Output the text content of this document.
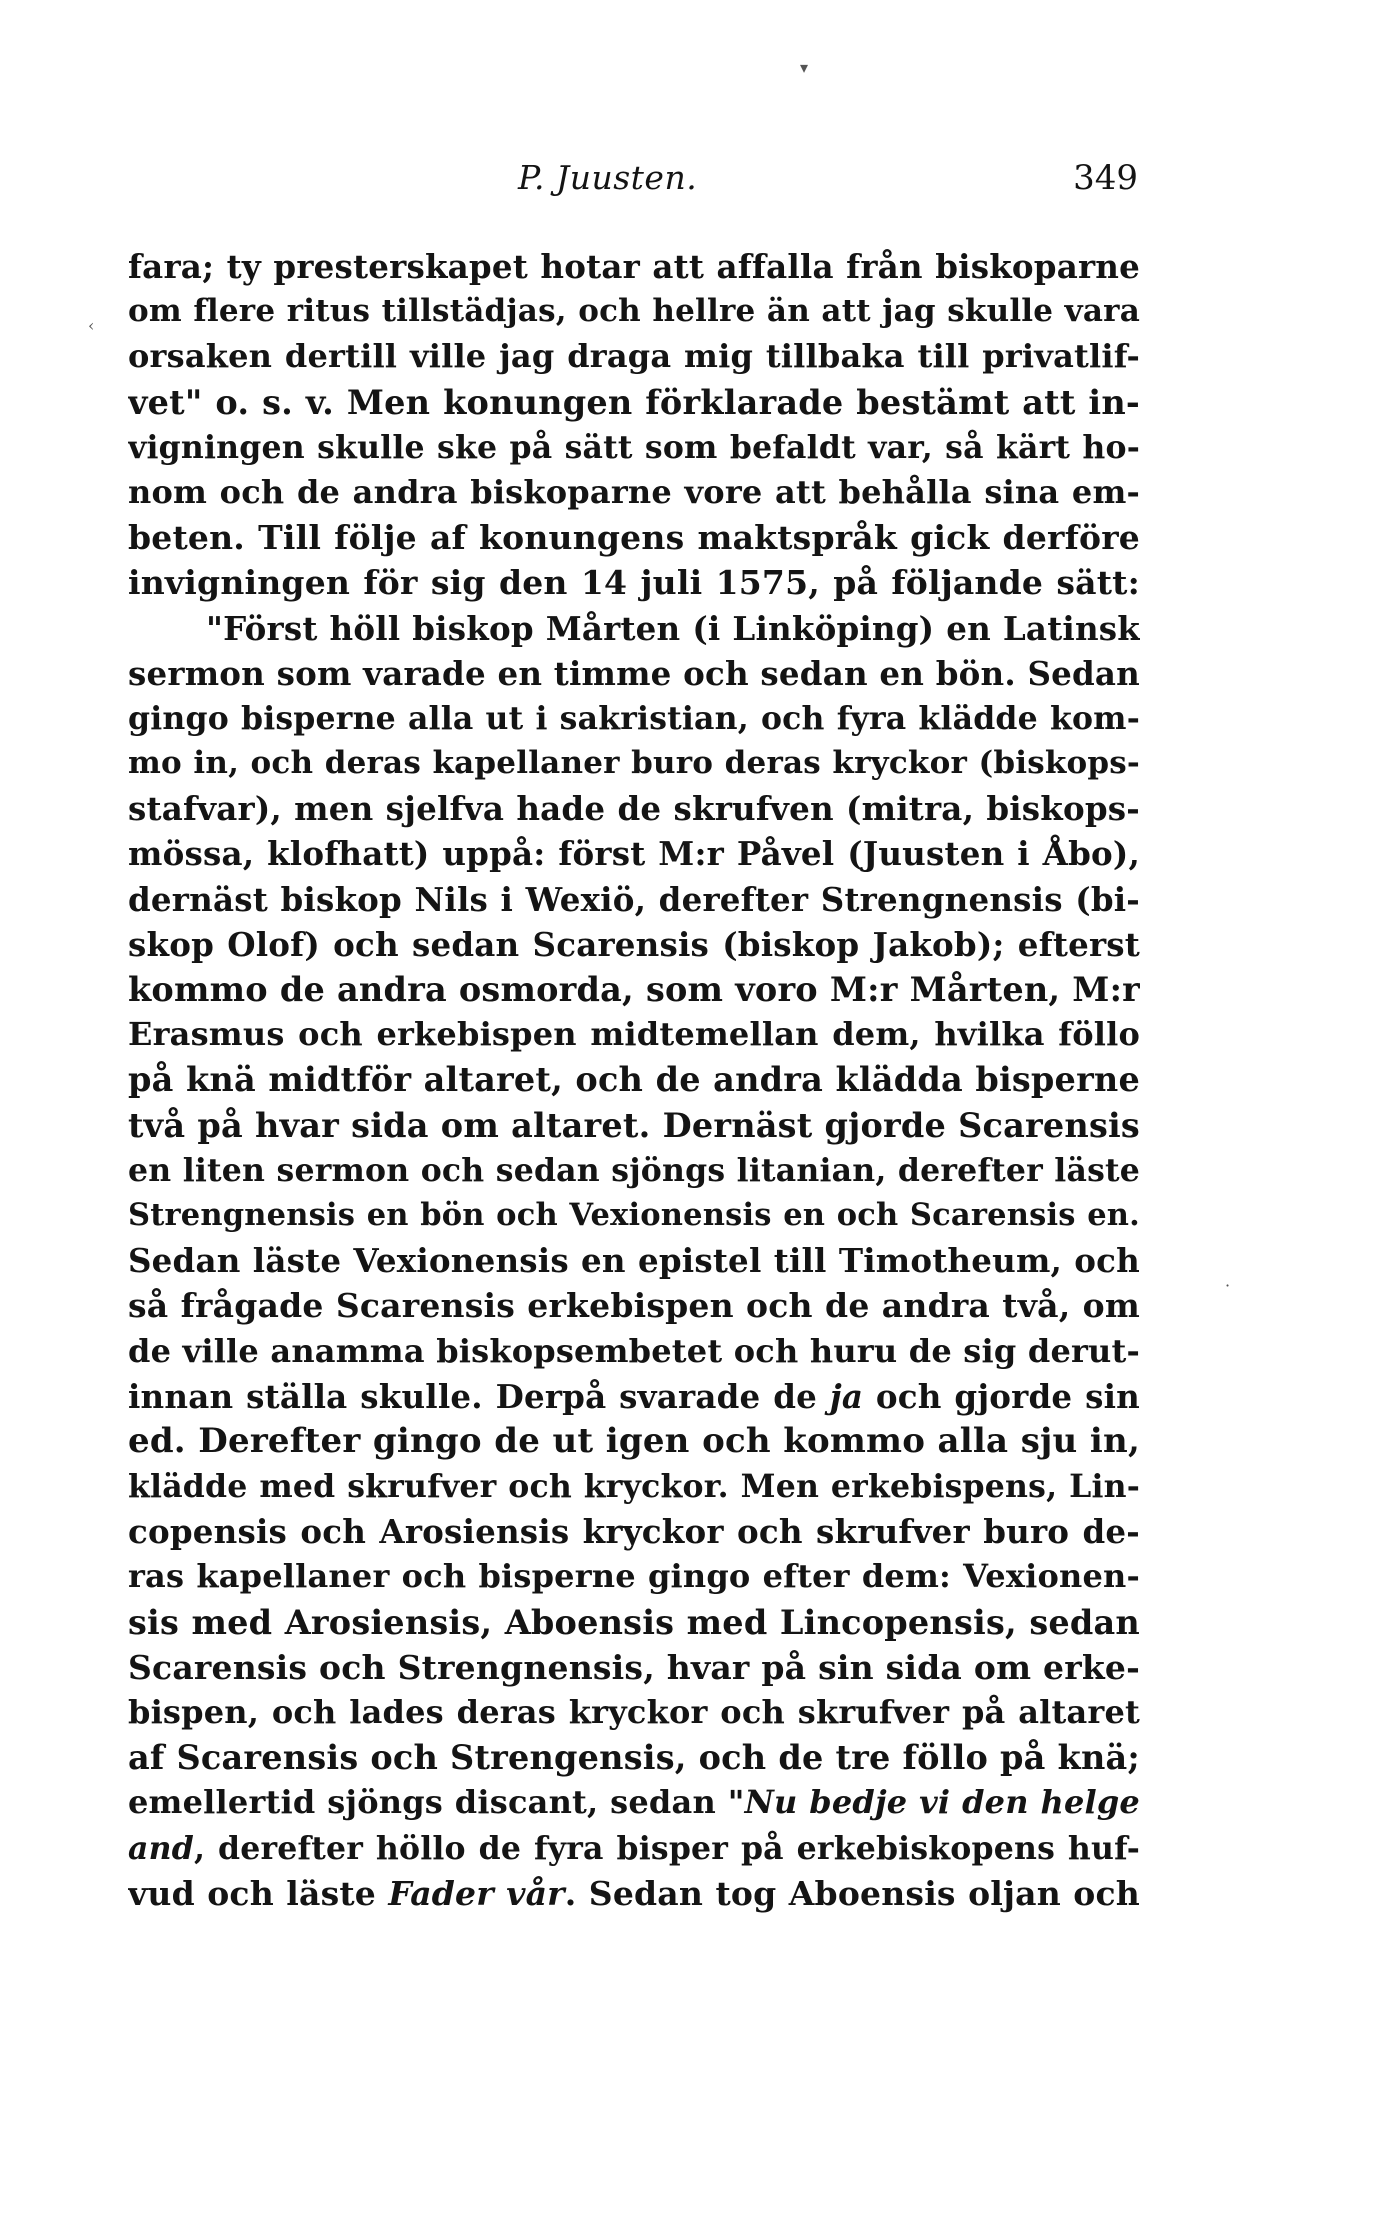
▾
‹
·
P. Juusten.	349
fara; ty presterskapet hotar att affalla från biskoparne
om flere ritus tillstädjas, och hellre än att jag skulle vara
orsaken dertill ville jag draga mig tillbaka till privatlif-
vet" o. s. v. Men konungen förklarade bestämt att in-
vigningen skulle ske på sätt som befaldt var, så kärt ho-
nom och de andra biskoparne vore att behålla sina em-
beten. Till följe af konungens maktspråk gick derföre
invigningen för sig den 14 juli 1575, på följande sätt:
"Först höll biskop Mårten (i Linköping) en Latinsk
sermon som varade en timme och sedan en bön. Sedan
gingo bisperne alla ut i sakristian, och fyra klädde kom-
mo in, och deras kapellaner buro deras kryckor (biskops-
stafvar), men sjelfva hade de skrufven (mitra, biskops-
mössa, klofhatt) uppå: först M:r Påvel (Juusten i Åbo),
dernäst biskop Nils i Wexiö, derefter Strengnensis (bi-
skop Olof) och sedan Scarensis (biskop Jakob); efterst
kommo de andra osmorda, som voro M:r Mårten, M:r
Erasmus och erkebispen midtemellan dem, hvilka föllo
på knä midtför altaret, och de andra klädda bisperne
två på hvar sida om altaret. Dernäst gjorde Scarensis
en liten sermon och sedan sjöngs litanian, derefter läste
Strengnensis en bön och Vexionensis en och Scarensis en.
Sedan läste Vexionensis en epistel till Timotheum, och
så frågade Scarensis erkebispen och de andra två, om
de ville anamma biskopsembetet och huru de sig derut-
innan ställa skulle. Derpå svarade de ja och gjorde sin
ed. Derefter gingo de ut igen och kommo alla sju in,
klädde med skrufver och kryckor. Men erkebispens, Lin-
copensis och Arosiensis kryckor och skrufver buro de-
ras kapellaner och bisperne gingo efter dem: Vexionen-
sis med Arosiensis, Aboensis med Lincopensis, sedan
Scarensis och Strengnensis, hvar på sin sida om erke-
bispen, och lades deras kryckor och skrufver på altaret
af Scarensis och Strengensis, och de tre föllo på knä;
emellertid sjöngs discant, sedan "Nu bedje vi den helge
and, derefter höllo de fyra bisper på erkebiskopens huf-
vud och läste Fader vår. Sedan tog Aboensis oljan och
